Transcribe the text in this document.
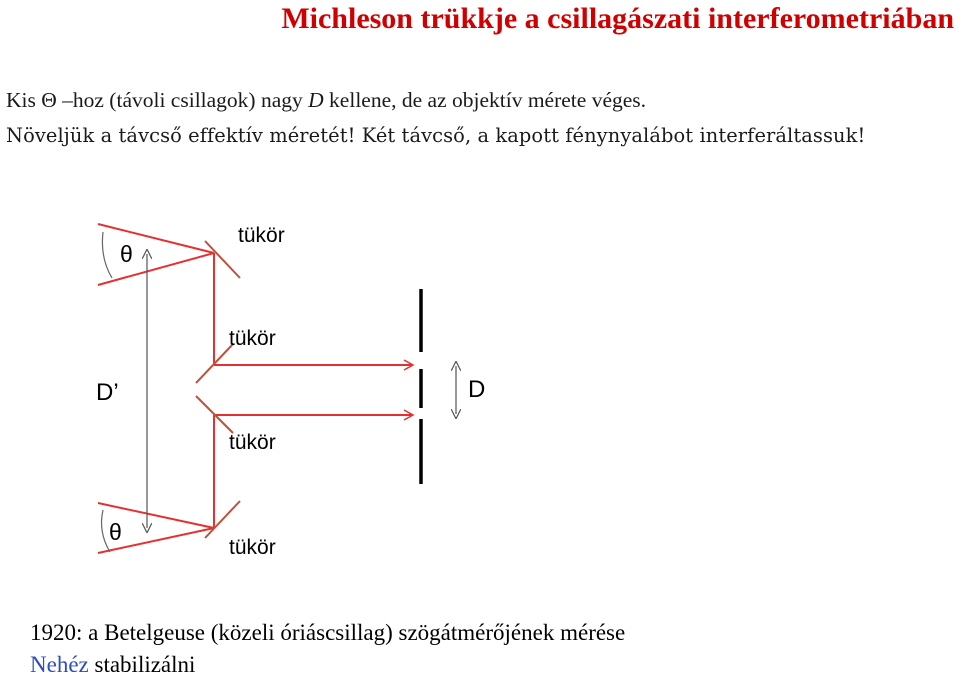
Michleson trükkje a csillagászati interferometriában
Kis Θ –hoz (távoli csillagok) nagy D kellene, de az objektív mérete véges.
Növeljük a távcső effektív méretét! Két távcső, a kapott fénynyalábot interferáltassuk!
θ
θ
D’	D
tükör
tükör
tükör
tükör
1920: a Betelgeuse (közeli óriáscsillag) szögátmérőjének mérése
Nehéz stabilizálni
